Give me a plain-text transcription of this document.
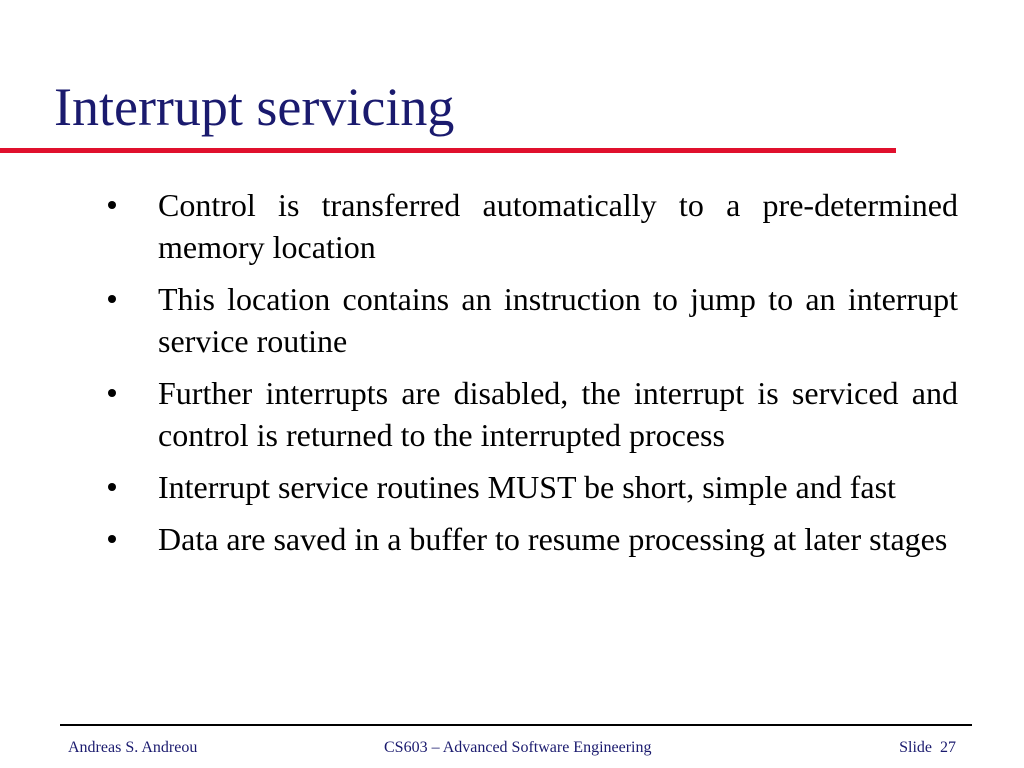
Interrupt servicing
Control is transferred automatically to a pre-determined memory location
This location contains an instruction to jump to an interrupt service routine
Further interrupts are disabled, the interrupt is serviced and control is returned to the interrupted process
Interrupt service routines MUST be short, simple and fast
Data are saved in a buffer to resume processing at later stages
Andreas S. Andreou	CS603 – Advanced Software Engineering	Slide 27
